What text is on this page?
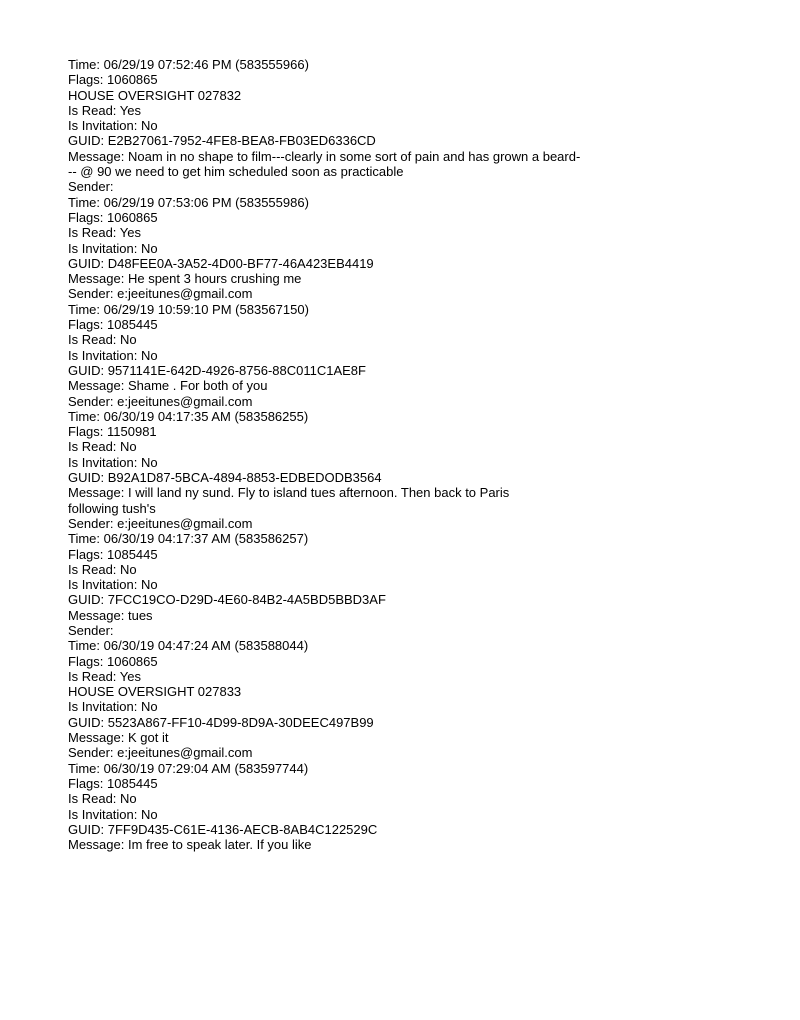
Time: 06/29/19 07:52:46 PM (583555966)

Flags: 1060865

HOUSE OVERSIGHT 027832

Is Read: Yes

Is Invitation: No

GUID: E2B27061-7952-4FE8-BEA8-FB03ED6336CD

Message: Noam in no shape to film---clearly in some sort of pain and has grown a beard-

-- @ 90 we need to get him scheduled soon as practicable

Sender:

Time: 06/29/19 07:53:06 PM (583555986)

Flags: 1060865

Is Read: Yes

Is Invitation: No

GUID: D48FEE0A-3A52-4D00-BF77-46A423EB4419

Message: He spent 3 hours crushing me

Sender: e:jeeitunes@gmail.com

Time: 06/29/19 10:59:10 PM (583567150)

Flags: 1085445

Is Read: No

Is Invitation: No

GUID: 9571141E-642D-4926-8756-88C011C1AE8F

Message: Shame . For both of you

Sender: e:jeeitunes@gmail.com

Time: 06/30/19 04:17:35 AM (583586255)

Flags: 1150981

Is Read: No

Is Invitation: No

GUID: B92A1D87-5BCA-4894-8853-EDBEDODB3564

Message: I will land ny sund. Fly to island tues afternoon. Then back to Paris

following tush's

Sender: e:jeeitunes@gmail.com

Time: 06/30/19 04:17:37 AM (583586257)

Flags: 1085445

Is Read: No

Is Invitation: No

GUID: 7FCC19CO-D29D-4E60-84B2-4A5BD5BBD3AF

Message: tues

Sender:

Time: 06/30/19 04:47:24 AM (583588044)

Flags: 1060865

Is Read: Yes

HOUSE OVERSIGHT 027833

Is Invitation: No

GUID: 5523A867-FF10-4D99-8D9A-30DEEC497B99

Message: K got it

Sender: e:jeeitunes@gmail.com

Time: 06/30/19 07:29:04 AM (583597744)

Flags: 1085445

Is Read: No

Is Invitation: No

GUID: 7FF9D435-C61E-4136-AECB-8AB4C122529C

Message: Im free to speak later. If you like
